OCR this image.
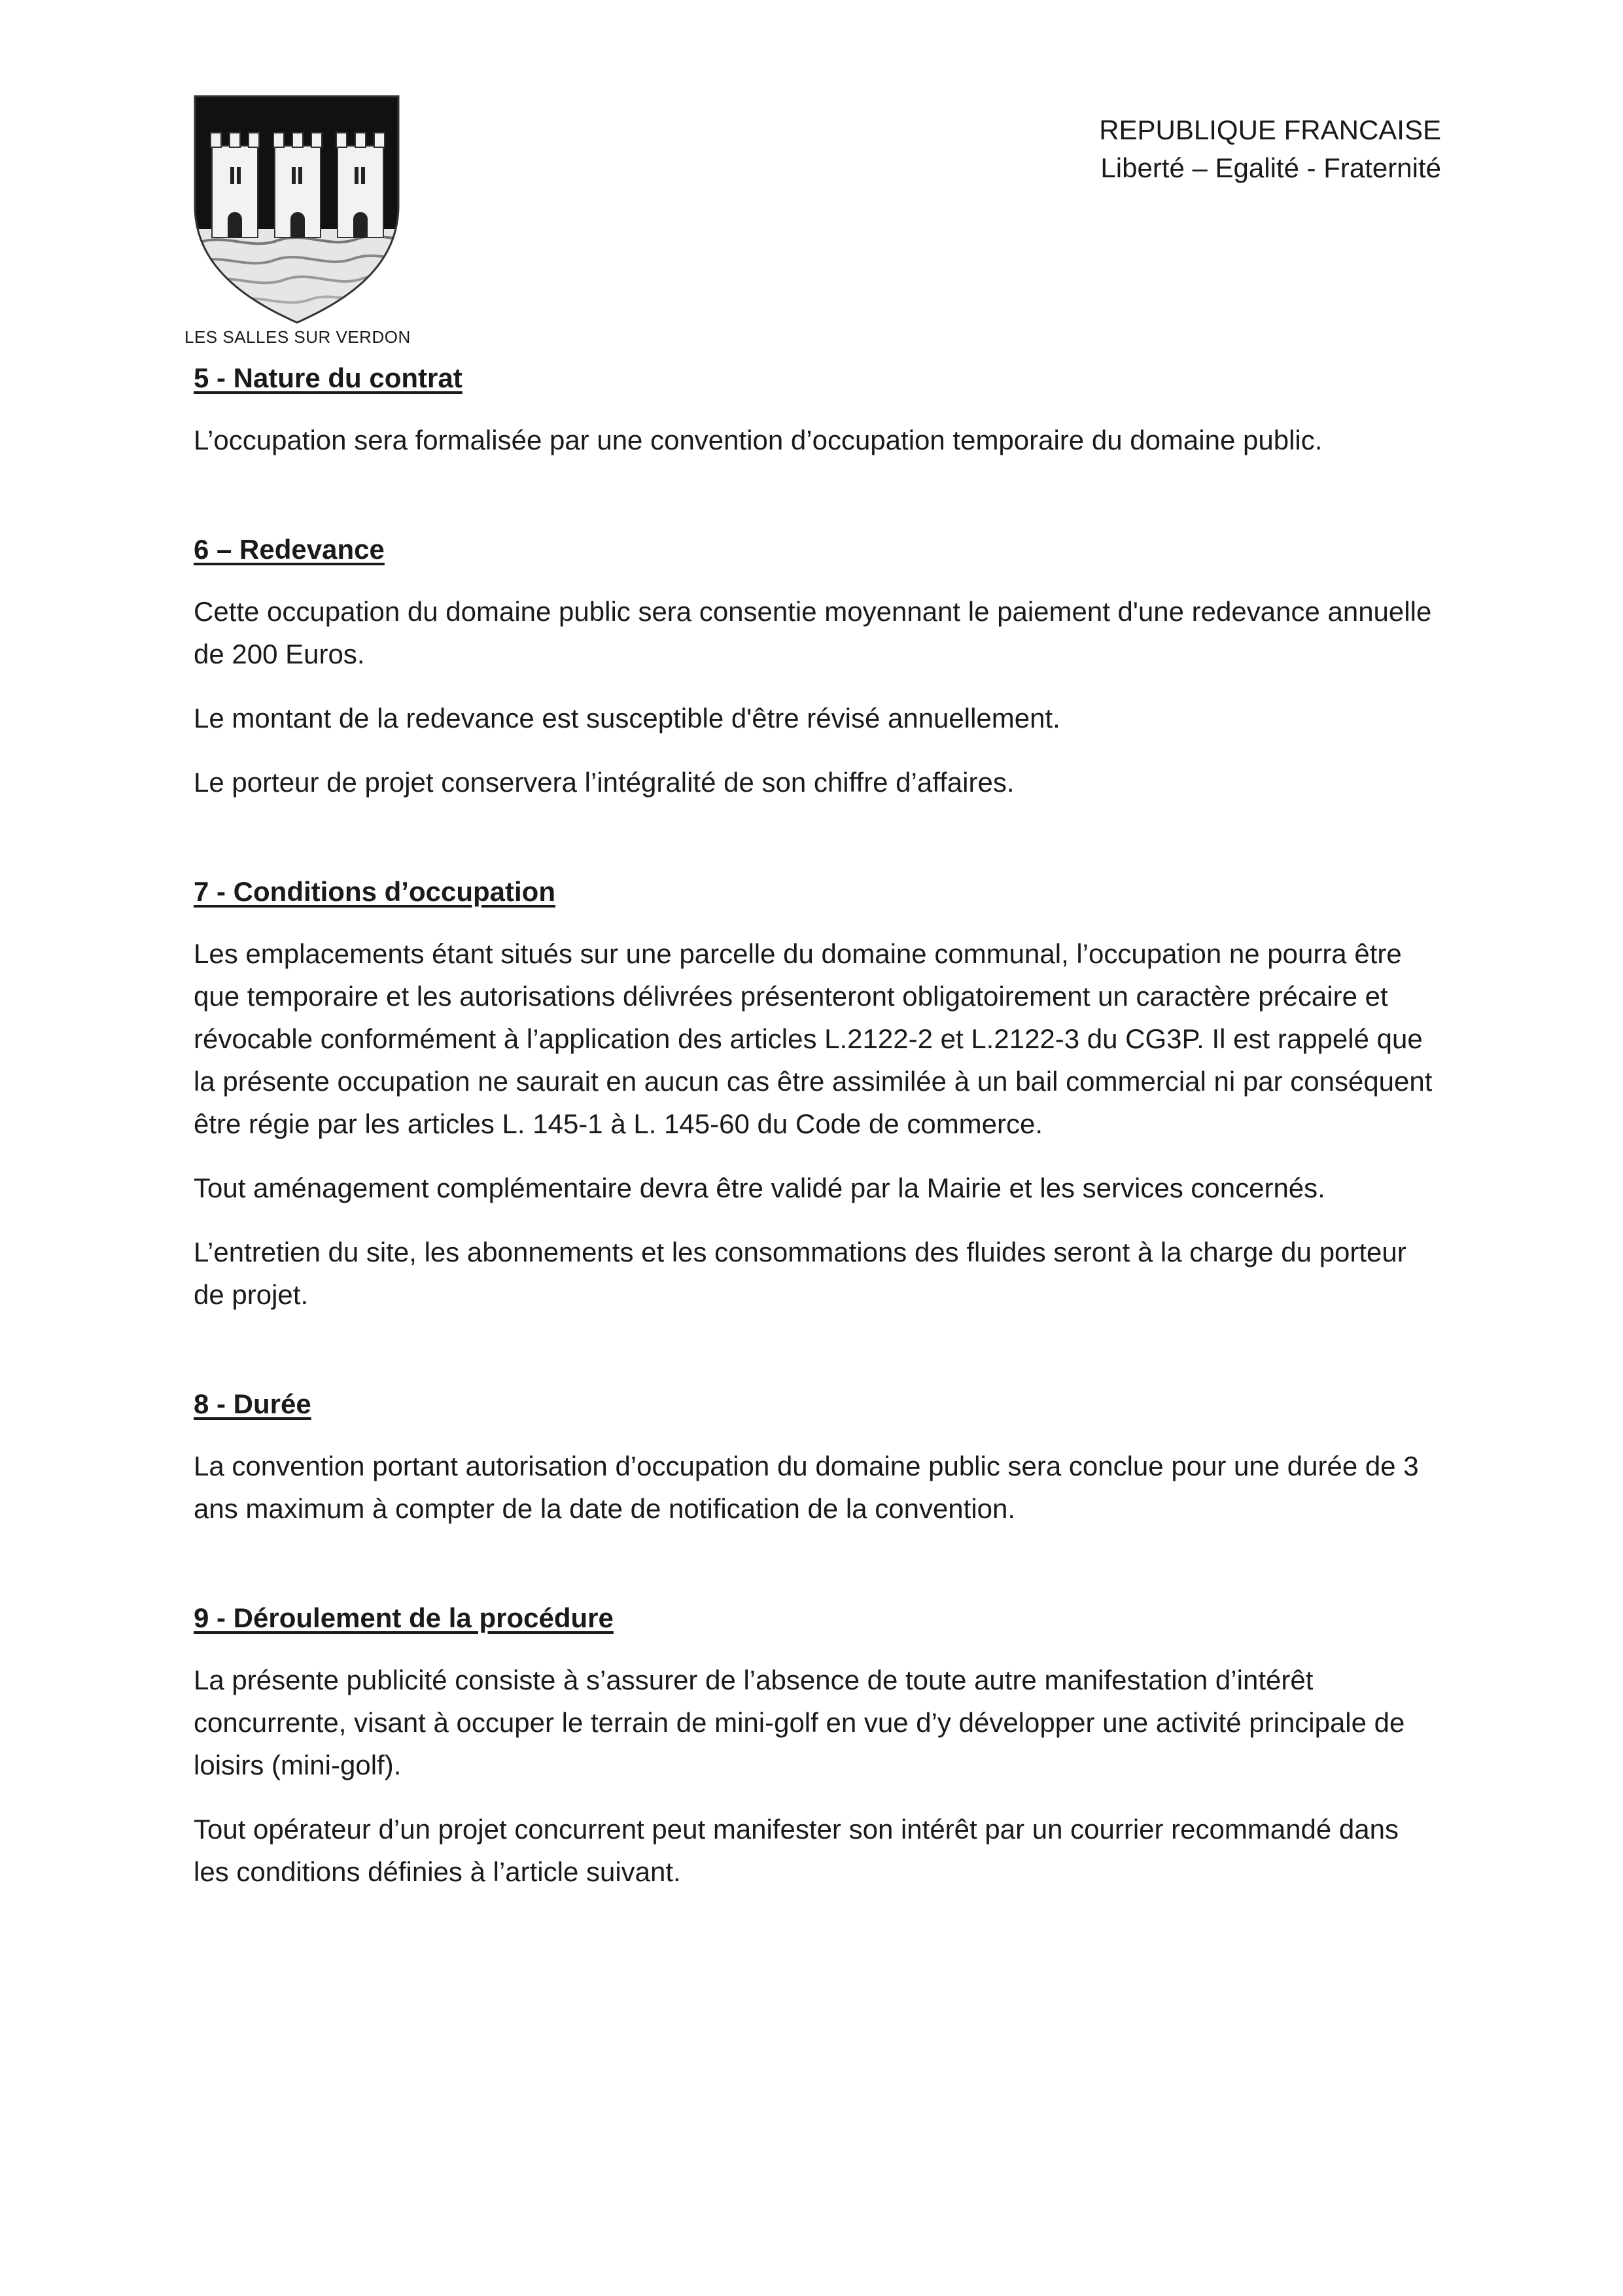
LES SALLES SUR VERDON
REPUBLIQUE FRANCAISE
Liberté – Egalité - Fraternité
5 - Nature du contrat

L’occupation sera formalisée par une convention d’occupation temporaire du domaine public.

6 – Redevance

Cette occupation du domaine public sera consentie moyennant le paiement d'une redevance annuelle de 200 Euros.

Le montant de la redevance est susceptible d'être révisé annuellement.

Le porteur de projet conservera l’intégralité de son chiffre d’affaires.

7 - Conditions d’occupation

Les emplacements étant situés sur une parcelle du domaine communal, l’occupation ne pourra être que temporaire et les autorisations délivrées présenteront obligatoirement un caractère précaire et révocable conformément à l’application des articles L.2122-2 et L.2122-3 du CG3P. Il est rappelé que la présente occupation ne saurait en aucun cas être assimilée à un bail commercial ni par conséquent être régie par les articles L. 145-1 à L. 145-60 du Code de commerce.

Tout aménagement complémentaire devra être validé par la Mairie et les services concernés.

L’entretien du site, les abonnements et les consommations des fluides seront à la charge du porteur de projet.

8 - Durée

La convention portant autorisation d’occupation du domaine public sera conclue pour une durée de 3 ans maximum à compter de la date de notification de la convention.

9 - Déroulement de la procédure

La présente publicité consiste à s’assurer de l’absence de toute autre manifestation d’intérêt concurrente, visant à occuper le terrain de mini-golf en vue d’y développer une activité principale de loisirs (mini-golf).

Tout opérateur d’un projet concurrent peut manifester son intérêt par un courrier recommandé dans les conditions définies à l’article suivant.
